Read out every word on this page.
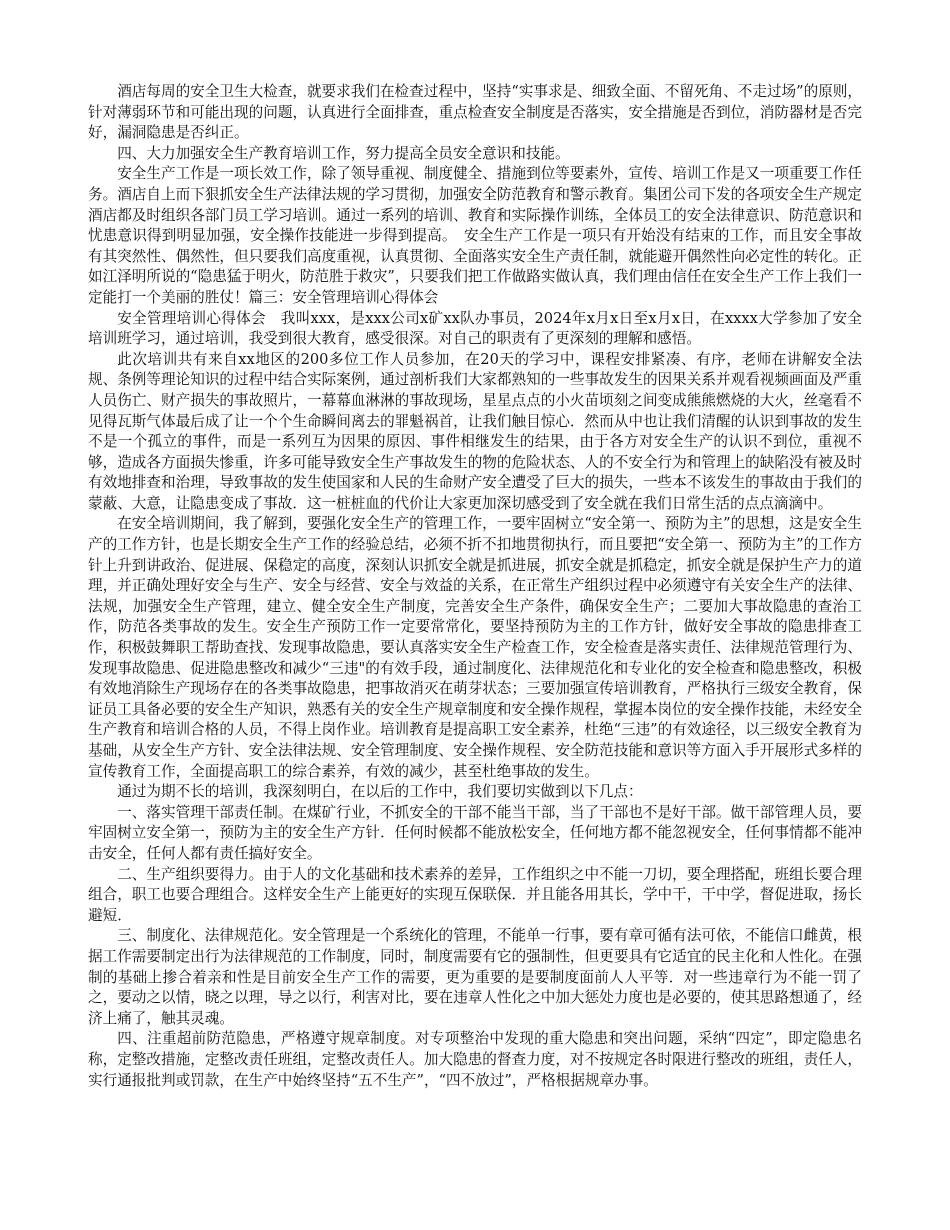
酒店每周的安全卫生大检查，就要求我们在检查过程中，坚持“实事求是、细致全面、不留死角、不走过场”的原则，针对薄弱环节和可能出现的问题，认真进行全面排查，重点检查安全制度是否落实，安全措施是否到位，消防器材是否完好，漏洞隐患是否纠正。

四、大力加强安全生产教育培训工作，努力提高全员安全意识和技能。

安全生产工作是一项长效工作，除了领导重视、制度健全、措施到位等要素外，宣传、培训工作是又一项重要工作任务。酒店自上而下狠抓安全生产法律法规的学习贯彻，加强安全防范教育和警示教育。集团公司下发的各项安全生产规定酒店都及时组织各部门员工学习培训。通过一系列的培训、教育和实际操作训练，全体员工的安全法律意识、防范意识和忧患意识得到明显加强，安全操作技能进一步得到提高。　安全生产工作是一项只有开始没有结束的工作，而且安全事故有其突然性、偶然性，但只要我们高度重视，认真贯彻、全面落实安全生产责任制，就能避开偶然性向必定性的转化。正如江泽明所说的“隐患猛于明火，防范胜于救灾”，只要我们把工作做路实做认真，我们理由信任在安全生产工作上我们一定能打一个美丽的胜仗！篇三：安全管理培训心得体会

安全管理培训心得体会　我叫xxx，是xxx公司x矿xx队办事员，2024年x月x日至x月x日，在xxxx大学参加了安全培训班学习，通过培训，我受到很大教育，感受很深。对自己的职责有了更深刻的理解和感悟。

此次培训共有来自xx地区的200多位工作人员参加，在20天的学习中，课程安排紧凑、有序，老师在讲解安全法规、条例等理论知识的过程中结合实际案例，通过剖析我们大家都熟知的一些事故发生的因果关系并观看视频画面及严重人员伤亡、财产损失的事故照片，一幕幕血淋淋的事故现场，星星点点的小火苗顷刻之间变成熊熊燃烧的大火，丝毫看不见得瓦斯气体最后成了让一个个生命瞬间离去的罪魁祸首，让我们触目惊心．然而从中也让我们清醒的认识到事故的发生不是一个孤立的事件，而是一系列互为因果的原因、事件相继发生的结果，由于各方对安全生产的认识不到位，重视不够，造成各方面损失惨重，许多可能导致安全生产事故发生的物的危险状态、人的不安全行为和管理上的缺陷没有被及时有效地排查和治理，导致事故的发生使国家和人民的生命财产安全遭受了巨大的损失，一些本不该发生的事故由于我们的蒙蔽、大意，让隐患变成了事故．这一桩桩血的代价让大家更加深切感受到了安全就在我们日常生活的点点滴滴中。

在安全培训期间，我了解到，要强化安全生产的管理工作，一要牢固树立“安全第一、预防为主”的思想，这是安全生产的工作方针，也是长期安全生产工作的经验总结，必须不折不扣地贯彻执行，而且要把“安全第一、预防为主”的工作方针上升到讲政治、促进展、保稳定的高度，深刻认识抓安全就是抓进展，抓安全就是抓稳定，抓安全就是保护生产力的道理，并正确处理好安全与生产、安全与经营、安全与效益的关系，在正常生产组织过程中必须遵守有关安全生产的法律、法规，加强安全生产管理，建立、健全安全生产制度，完善安全生产条件，确保安全生产；二要加大事故隐患的查治工作，防范各类事故的发生。安全生产预防工作一定要常常化，要坚持预防为主的工作方针，做好安全事故的隐患排查工作，积极鼓舞职工帮助查找、发现事故隐患，要认真落实安全生产检查工作，安全检查是落实责任、法律规范管理行为、发现事故隐患、促进隐患整改和减少“三违"的有效手段，通过制度化、法律规范化和专业化的安全检查和隐患整改，积极有效地消除生产现场存在的各类事故隐患，把事故消灭在萌芽状态；三要加强宣传培训教育，严格执行三级安全教育，保证员工具备必要的安全生产知识，熟悉有关的安全生产规章制度和安全操作规程，掌握本岗位的安全操作技能，未经安全生产教育和培训合格的人员，不得上岗作业。培训教育是提高职工安全素养，杜绝“三违”的有效途径，以三级安全教育为基础，从安全生产方针、安全法律法规、安全管理制度、安全操作规程、安全防范技能和意识等方面入手开展形式多样的宣传教育工作，全面提高职工的综合素养，有效的减少，甚至杜绝事故的发生。

通过为期不长的培训，我深刻明白，在以后的工作中，我们要切实做到以下几点：

一、落实管理干部责任制。在煤矿行业，不抓安全的干部不能当干部，当了干部也不是好干部。做干部管理人员，要牢固树立安全第一，预防为主的安全生产方针．任何时候都不能放松安全，任何地方都不能忽视安全，任何事情都不能冲击安全，任何人都有责任搞好安全。

二、生产组织要得力。由于人的文化基础和技术素养的差异，工作组织之中不能一刀切，要全理搭配，班组长要合理组合，职工也要合理组合。这样安全生产上能更好的实现互保联保．并且能各用其长，学中干，干中学，督促进取，扬长避短．

三、制度化、法律规范化。安全管理是一个系统化的管理，不能单一行事，要有章可循有法可依，不能信口雌黄，根据工作需要制定出行为法律规范的工作制度，同时，制度需要有它的强制性，但更要具有它适宜的民主化和人性化。在强制的基础上掺合着亲和性是目前安全生产工作的需要，更为重要的是要制度面前人人平等．对一些违章行为不能一罚了之，要动之以情，晓之以理，导之以行，利害对比，要在违章人性化之中加大惩处力度也是必要的，使其思路想通了，经济上痛了，触其灵魂。

四、注重超前防范隐患，严格遵守规章制度。对专项整治中发现的重大隐患和突出问题，采纳“四定”，即定隐患名称，定整改措施，定整改责任班组，定整改责任人。加大隐患的督查力度，对不按规定各时限进行整改的班组，责任人，实行通报批判或罚款，在生产中始终坚持“五不生产”，“四不放过”，严格根据规章办事。
